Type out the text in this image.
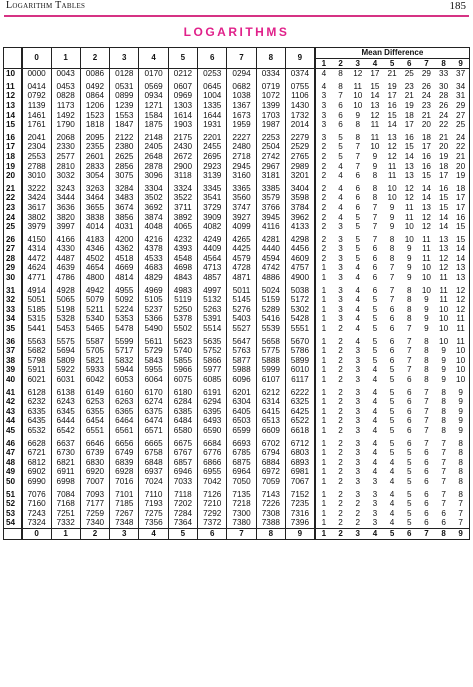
Logarithm Tables	185
LOGARITHMS
	0	1	2	3	4	5	6	7	8	9	Mean Difference								
											1	2	3	4	5	6	7	8	9
10	0000	0043	0086	0128	0170	0212	0253	0294	0334	0374	4	8	12	17	21	25	29	33	37
11	0414	0453	0492	0531	0569	0607	0645	0682	0719	0755	4	8	11	15	19	23	26	30	34
12	0792	0828	0864	0899	0934	0969	1004	1038	1072	1106	3	7	10	14	17	21	24	28	31
13	1139	1173	1206	1239	1271	1303	1335	1367	1399	1430	3	6	10	13	16	19	23	26	29
14	1461	1492	1523	1553	1584	1614	1644	1673	1703	1732	3	6	9	12	15	18	21	24	27
15	1761	1790	1818	1847	1875	1903	1931	1959	1987	2014	3	6	8	11	14	17	20	22	25
16	2041	2068	2095	2122	2148	2175	2201	2227	2253	2279	3	5	8	11	13	16	18	21	24
17	2304	2330	2355	2380	2405	2430	2455	2480	2504	2529	2	5	7	10	12	15	17	20	22
18	2553	2577	2601	2625	2648	2672	2695	2718	2742	2765	2	5	7	9	12	14	16	19	21
19	2788	2810	2833	2856	2878	2900	2923	2945	2967	2989	2	4	7	9	11	13	16	18	20
20	3010	3032	3054	3075	3096	3118	3139	3160	3181	3201	2	4	6	8	11	13	15	17	19
21	3222	3243	3263	3284	3304	3324	3345	3365	3385	3404	2	4	6	8	10	12	14	16	18
22	3424	3444	3464	3483	3502	3522	3541	3560	3579	3598	2	4	6	8	10	12	14	15	17
23	3617	3636	3655	3674	3692	3711	3729	3747	3766	3784	2	4	6	7	9	11	13	15	17
24	3802	3820	3838	3856	3874	3892	3909	3927	3945	3962	2	4	5	7	9	11	12	14	16
25	3979	3997	4014	4031	4048	4065	4082	4099	4116	4133	2	3	5	7	9	10	12	14	15
26	4150	4166	4183	4200	4216	4232	4249	4265	4281	4298	2	3	5	7	8	10	11	13	15
27	4314	4330	4346	4362	4378	4393	4409	4425	4440	4456	2	3	5	6	8	9	11	13	14
28	4472	4487	4502	4518	4533	4548	4564	4579	4594	4609	2	3	5	6	8	9	11	12	14
29	4624	4639	4654	4669	4683	4698	4713	4728	4742	4757	1	3	4	6	7	9	10	12	13
30	4771	4786	4800	4814	4829	4843	4857	4871	4886	4900	1	3	4	6	7	9	10	11	13
31	4914	4928	4942	4955	4969	4983	4997	5011	5024	5038	1	3	4	6	7	8	10	11	12
32	5051	5065	5079	5092	5105	5119	5132	5145	5159	5172	1	3	4	5	7	8	9	11	12
33	5185	5198	5211	5224	5237	5250	5263	5276	5289	5302	1	3	4	5	6	8	9	10	12
34	5315	5328	5340	5353	5366	5378	5391	5403	5416	5428	1	3	4	5	6	8	9	10	11
35	5441	5453	5465	5478	5490	5502	5514	5527	5539	5551	1	2	4	5	6	7	9	10	11
36	5563	5575	5587	5599	5611	5623	5635	5647	5658	5670	1	2	4	5	6	7	8	10	11
37	5682	5694	5705	5717	5729	5740	5752	5763	5775	5786	1	2	3	5	6	7	8	9	10
38	5798	5809	5821	5832	5843	5855	5866	5877	5888	5899	1	2	3	5	6	7	8	9	10
39	5911	5922	5933	5944	5955	5966	5977	5988	5999	6010	1	2	3	4	5	7	8	9	10
40	6021	6031	6042	6053	6064	6075	6085	6096	6107	6117	1	2	3	4	5	6	8	9	10
41	6128	6138	6149	6160	6170	6180	6191	6201	6212	6222	1	2	3	4	5	6	7	8	9
42	6232	6243	6253	6263	6274	6284	6294	6304	6314	6325	1	2	3	4	5	6	7	8	9
43	6335	6345	6355	6365	6375	6385	6395	6405	6415	6425	1	2	3	4	5	6	7	8	9
44	6435	6444	6454	6464	6474	6484	6493	6503	6513	6522	1	2	3	4	5	6	7	8	9
45	6532	6542	6551	6561	6571	6580	6590	6599	6609	6618	1	2	3	4	5	6	7	8	9
46	6628	6637	6646	6656	6665	6675	6684	6693	6702	6712	1	2	3	4	5	6	7	7	8
47	6721	6730	6739	6749	6758	6767	6776	6785	6794	6803	1	2	3	4	5	5	6	7	8
48	6812	6821	6830	6839	6848	6857	6866	6875	6884	6893	1	2	3	4	4	5	6	7	8
49	6902	6911	6920	6928	6937	6946	6955	6964	6972	6981	1	2	3	4	4	5	6	7	8
50	6990	6998	7007	7016	7024	7033	7042	7050	7059	7067	1	2	3	3	4	5	6	7	8
51	7076	7084	7093	7101	7110	7118	7126	7135	7143	7152	1	2	3	3	4	5	6	7	8
52	7160	7168	7177	7185	7193	7202	7210	7218	7226	7235	1	2	2	3	4	5	6	7	7
53	7243	7251	7259	7267	7275	7284	7292	7300	7308	7316	1	2	2	3	4	5	6	6	7
54	7324	7332	7340	7348	7356	7364	7372	7380	7388	7396	1	2	2	3	4	5	6	6	7
	0	1	2	3	4	5	6	7	8	9	1	2	3	4	5	6	7	8	9
